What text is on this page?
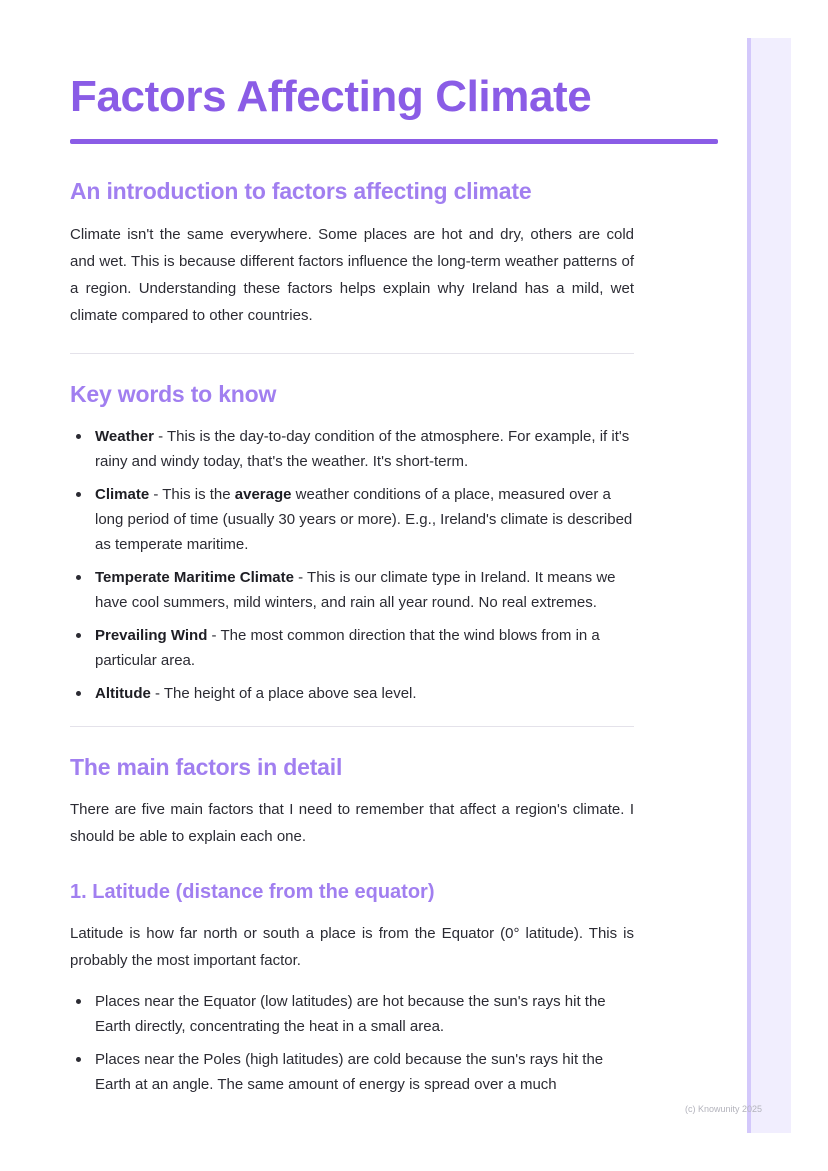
Factors Affecting Climate
An introduction to factors affecting climate

Climate isn't the same everywhere. Some places are hot and dry, others are cold and wet. This is because different factors influence the long-term weather patterns of a region. Understanding these factors helps explain why Ireland has a mild, wet climate compared to other countries.

Key words to know
Weather - This is the day-to-day condition of the atmosphere. For example, if it's rainy and windy today, that's the weather. It's short-term.
Climate - This is the average weather conditions of a place, measured over a long period of time (usually 30 years or more). E.g., Ireland's climate is described as temperate maritime.
Temperate Maritime Climate - This is our climate type in Ireland. It means we have cool summers, mild winters, and rain all year round. No real extremes.
Prevailing Wind - The most common direction that the wind blows from in a particular area.
Altitude - The height of a place above sea level.
The main factors in detail

There are five main factors that I need to remember that affect a region's climate. I should be able to explain each one.

1. Latitude (distance from the equator)

Latitude is how far north or south a place is from the Equator (0° latitude). This is probably the most important factor.

Places near the Equator (low latitudes) are hot because the sun's rays hit the Earth directly, concentrating the heat in a small area.
Places near the Poles (high latitudes) are cold because the sun's rays hit the Earth at an angle. The same amount of energy is spread over a much
(c) Knowunity 2025
